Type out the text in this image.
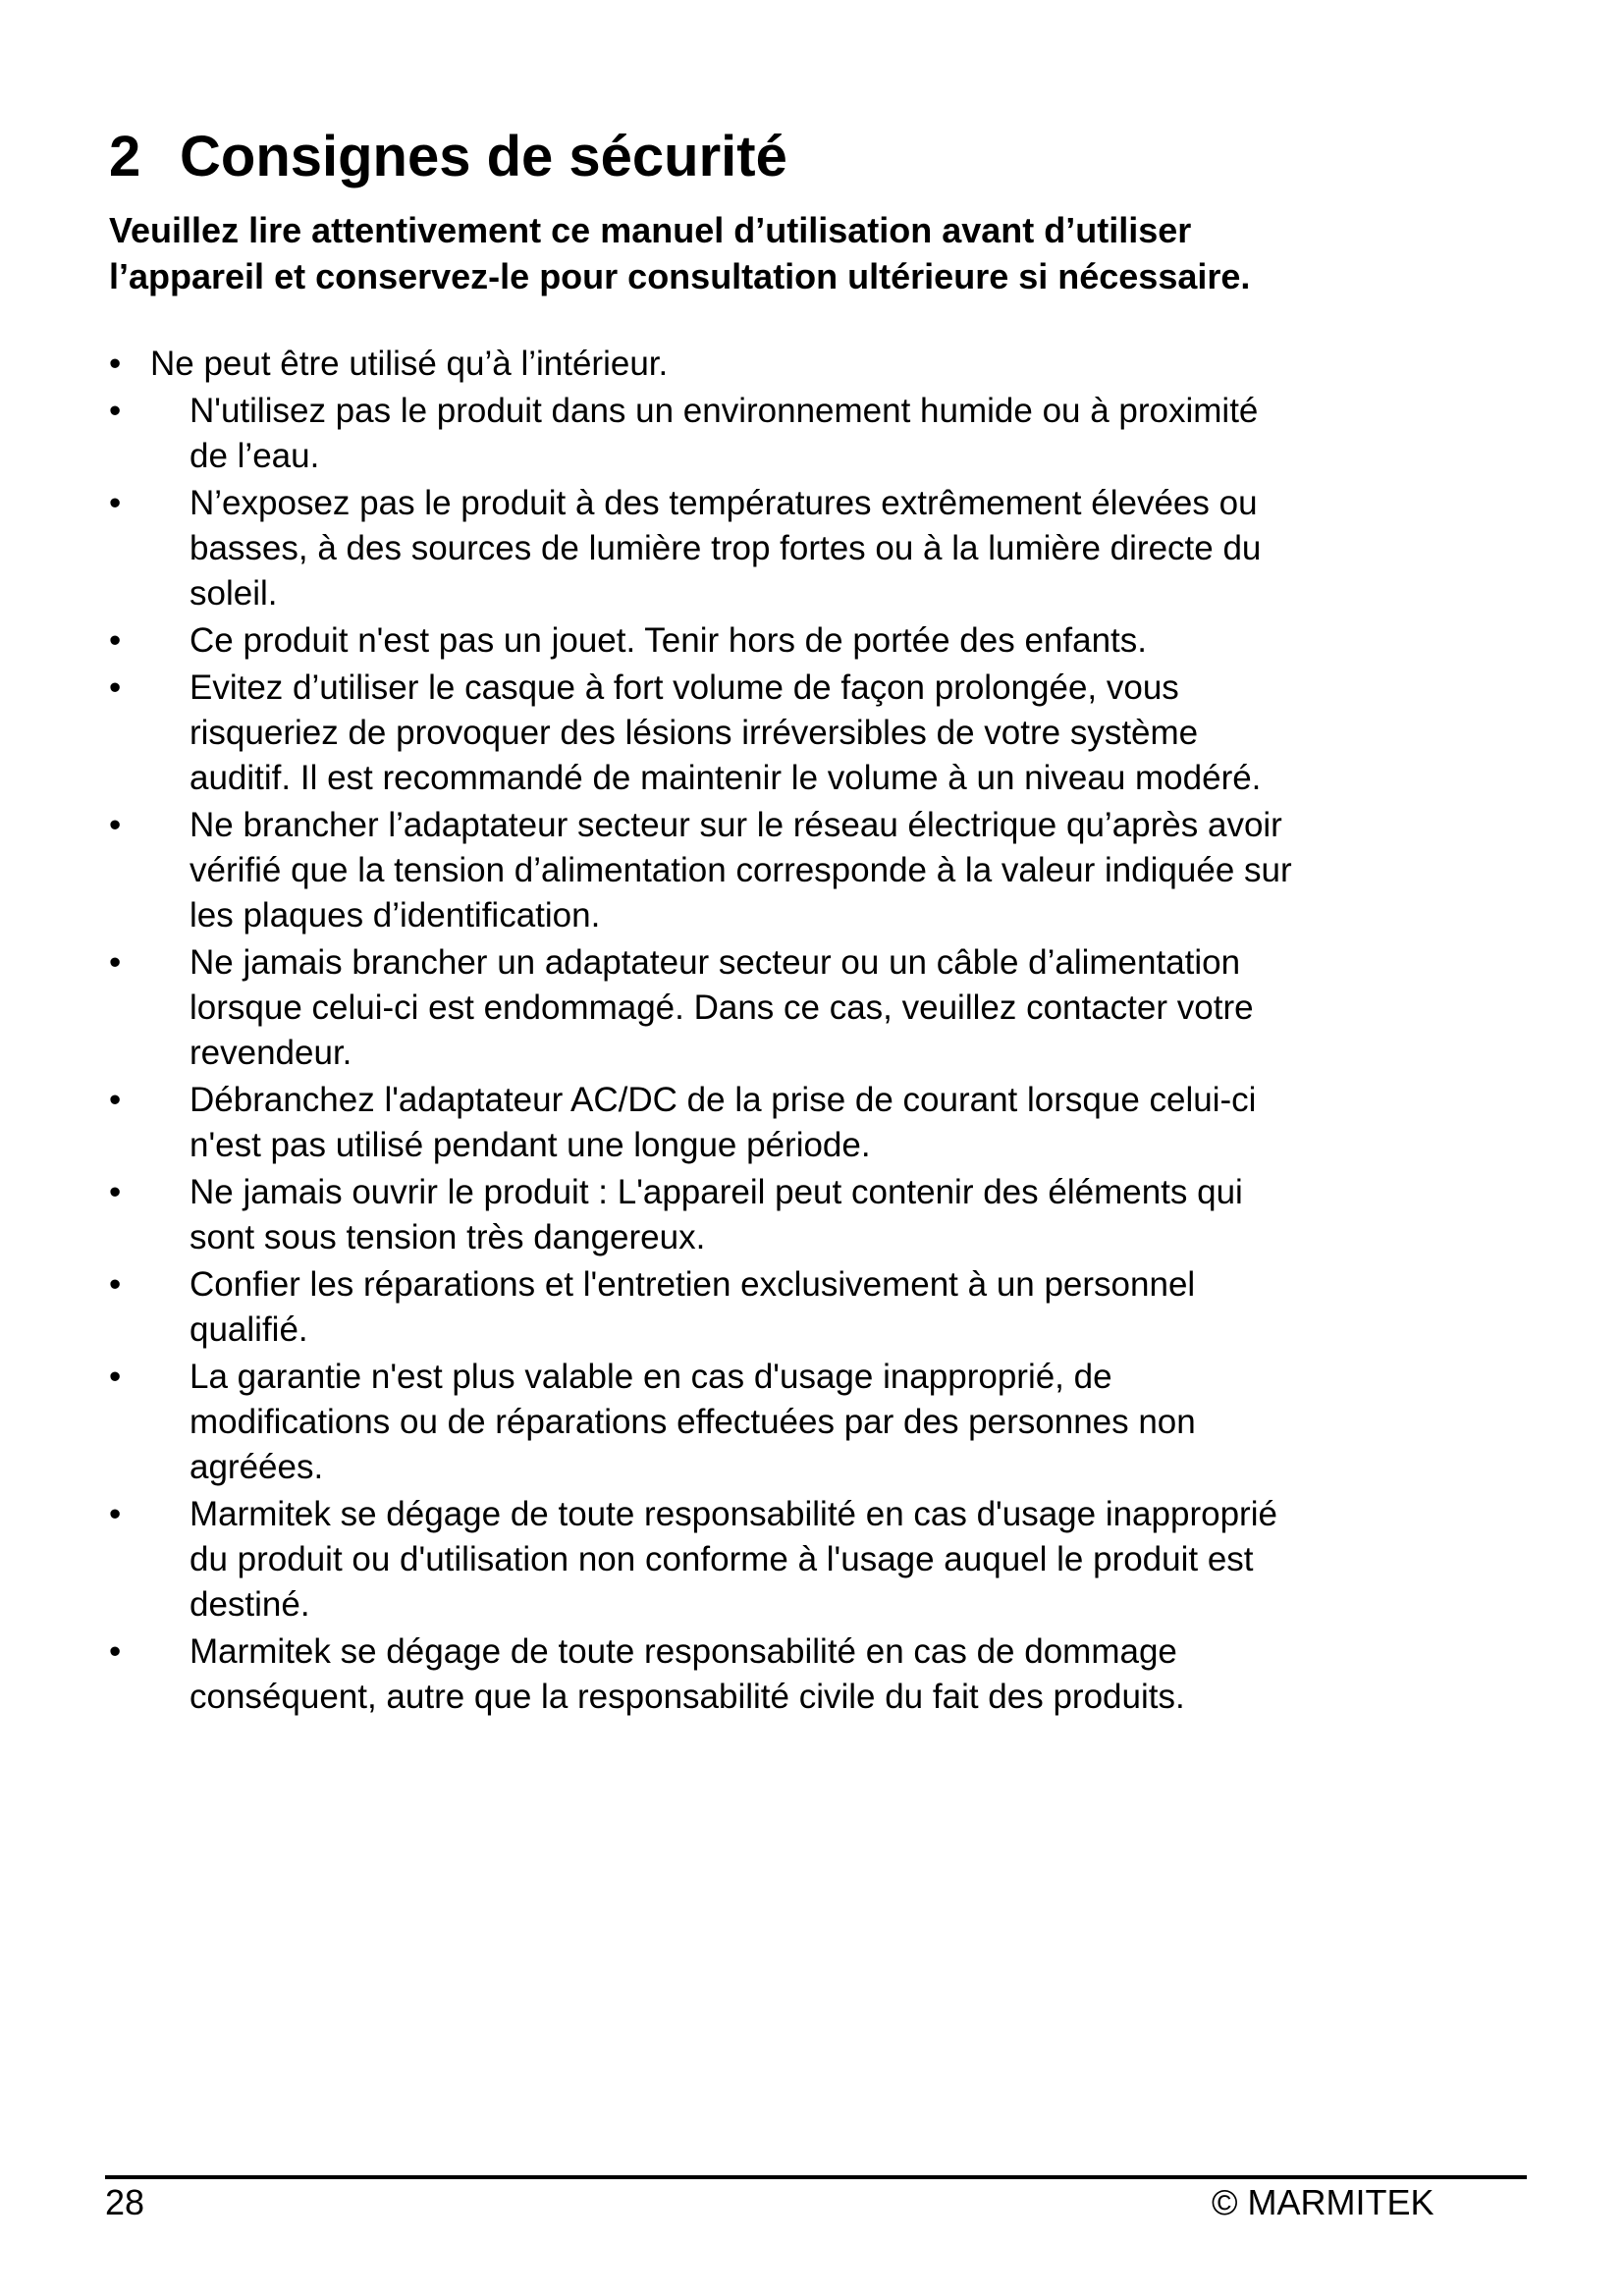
2 Consignes de sécurité

Veuillez lire attentivement ce manuel d’utilisation avant d’utiliser
l’appareil et conservez-le pour consultation ultérieure si nécessaire.

• Ne peut être utilisé qu’à l’intérieur.
• N'utilisez pas le produit dans un environnement humide ou à proximité
de l’eau.
• N’exposez pas le produit à des températures extrêmement élevées ou
basses, à des sources de lumière trop fortes ou à la lumière directe du
soleil.
• Ce produit n'est pas un jouet. Tenir hors de portée des enfants.
• Evitez d’utiliser le casque à fort volume de façon prolongée, vous
risqueriez de provoquer des lésions irréversibles de votre système
auditif. Il est recommandé de maintenir le volume à un niveau modéré.
• Ne brancher l’adaptateur secteur sur le réseau électrique qu’après avoir
vérifié que la tension d’alimentation corresponde à la valeur indiquée sur
les plaques d’identification.
• Ne jamais brancher un adaptateur secteur ou un câble d’alimentation
lorsque celui-ci est endommagé. Dans ce cas, veuillez contacter votre
revendeur.
• Débranchez l'adaptateur AC/DC de la prise de courant lorsque celui-ci
n'est pas utilisé pendant une longue période.
• Ne jamais ouvrir le produit : L'appareil peut contenir des éléments qui
sont sous tension très dangereux.
• Confier les réparations et l'entretien exclusivement à un personnel
qualifié.
• La garantie n'est plus valable en cas d'usage inapproprié, de
modifications ou de réparations effectuées par des personnes non
agréées.
• Marmitek se dégage de toute responsabilité en cas d'usage inapproprié
du produit ou d'utilisation non conforme à l'usage auquel le produit est
destiné.
• Marmitek se dégage de toute responsabilité en cas de dommage
conséquent, autre que la responsabilité civile du fait des produits.
28	© MARMITEK
